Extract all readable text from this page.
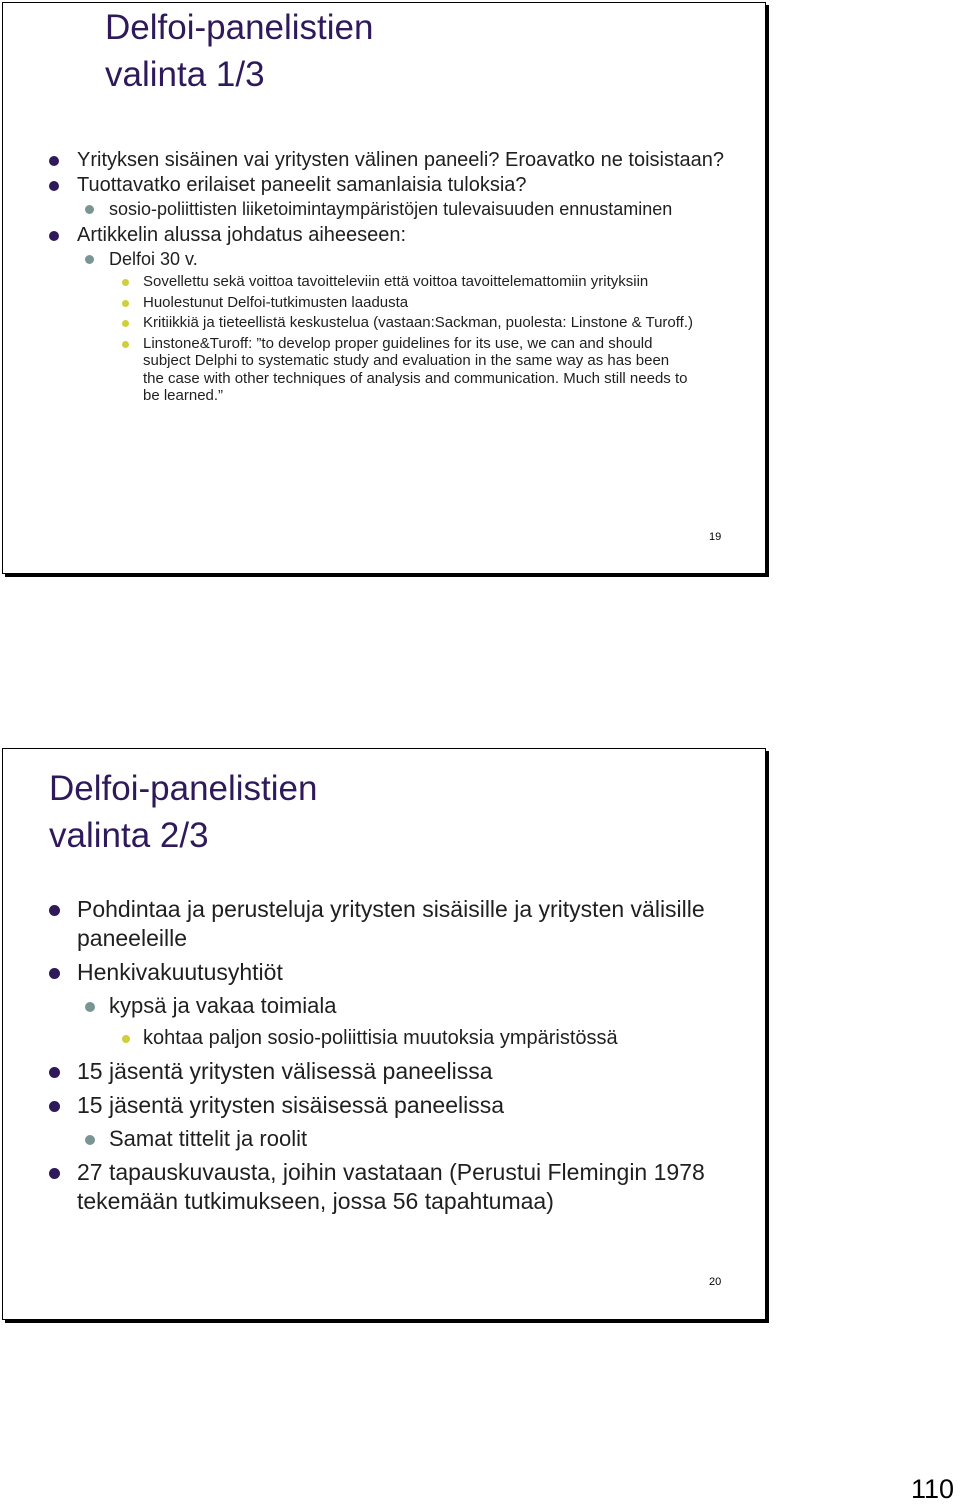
Delfoi-panelistien
valinta 1/3
Yrityksen sisäinen vai yritysten välinen paneeli? Eroavatko ne toisistaan?
Tuottavatko erilaiset paneelit samanlaisia tuloksia?
sosio-poliittisten liiketoimintaympäristöjen tulevaisuuden ennustaminen
Artikkelin alussa johdatus aiheeseen:
Delfoi 30 v.
Sovellettu sekä voittoa tavoitteleviin että voittoa tavoittelemattomiin yrityksiin
Huolestunut Delfoi-tutkimusten laadusta
Kritiikkiä ja tieteellistä keskustelua (vastaan:Sackman, puolesta: Linstone & Turoff.)
Linstone&Turoff: ”to develop proper guidelines for its use, we can and should subject Delphi to systematic study and evaluation in the same way as has been the case with other techniques of analysis and communication. Much still needs to be learned.”
19
Delfoi-panelistien
valinta 2/3
Pohdintaa ja perusteluja yritysten sisäisille ja yritysten välisille paneeleille
Henkivakuutusyhtiöt
kypsä ja vakaa toimiala
kohtaa paljon sosio-poliittisia muutoksia ympäristössä
15 jäsentä yritysten välisessä paneelissa
15 jäsentä yritysten sisäisessä paneelissa
Samat tittelit ja roolit
27 tapauskuvausta, joihin vastataan (Perustui Flemingin 1978 tekemään tutkimukseen, jossa 56 tapahtumaa)
20
110
